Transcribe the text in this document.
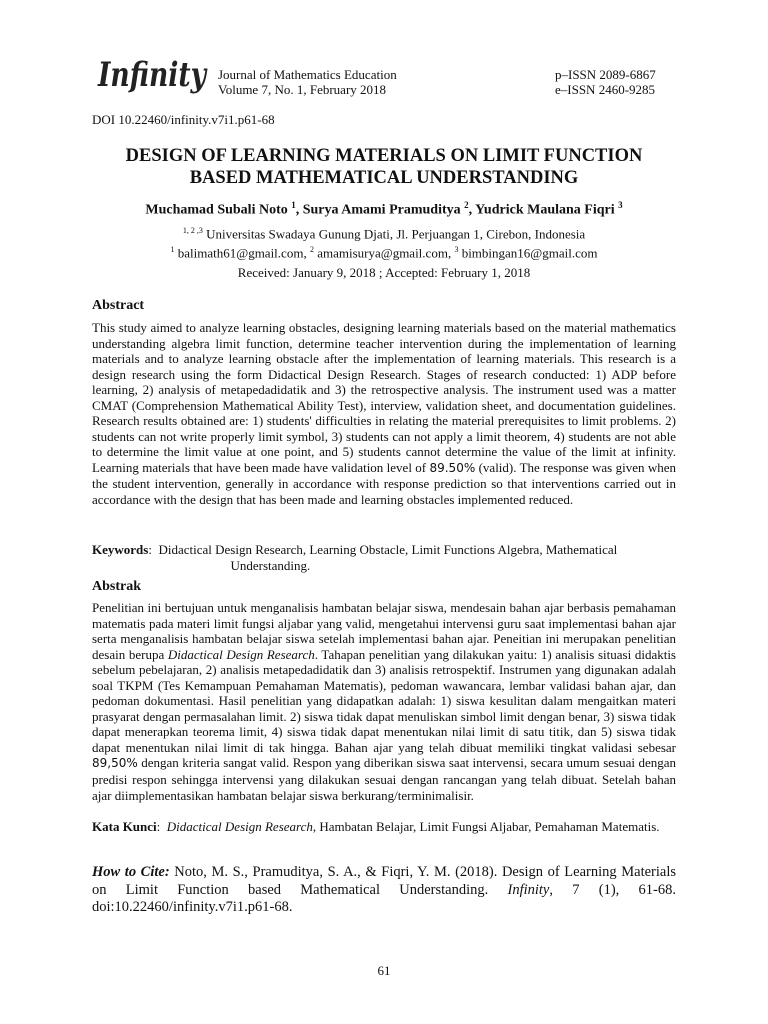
Infinity Journal of Mathematics Education
Volume 7, No. 1, February 2018
p–ISSN 2089-6867
e–ISSN 2460-9285
DOI 10.22460/infinity.v7i1.p61-68
DESIGN OF LEARNING MATERIALS ON LIMIT FUNCTION
BASED MATHEMATICAL UNDERSTANDING
Muchamad Subali Noto $^1$, Surya Amami Pramuditya $^2$, Yudrick Maulana Fiqri $^3$
$^{1, 2 ,3}$ Universitas Swadaya Gunung Djati, Jl. Perjuangan 1, Cirebon, Indonesia
$^1$ balimath61@gmail.com, $^2$ amamisurya@gmail.com, $^3$ bimbingan16@gmail.com
Received: January 9, 2018 ; Accepted: February 1, 2018
Abstract

This study aimed to analyze learning obstacles, designing learning materials based on the material mathematics understanding algebra limit function, determine teacher intervention during the implementation of learning materials and to analyze learning obstacle after the implementation of learning materials. This research is a design research using the form Didactical Design Research. Stages of research conducted: 1) ADP before learning, 2) analysis of metapedadidatik and 3) the retrospective analysis. The instrument used was a matter CMAT (Comprehension Mathematical Ability Test), interview, validation sheet, and documentation guidelines. Research results obtained are: 1) students' difficulties in relating the material prerequisites to limit problems. 2) students can not write properly limit symbol, 3) students can not apply a limit theorem, 4) students are not able to determine the limit value at one point, and 5) students cannot determine the value of the limit at infinity. Learning materials that have been made have validation level of 89.50% (valid). The response was given when the student intervention, generally in accordance with response prediction so that interventions carried out in accordance with the design that has been made and learning obstacles implemented reduced.

Keywords : Didactical Design Research, Learning Obstacle, Limit Functions Algebra, Mathematical Understanding.
Abstrak

Penelitian ini bertujuan untuk menganalisis hambatan belajar siswa, mendesain bahan ajar berbasis pemahaman matematis pada materi limit fungsi aljabar yang valid, mengetahui intervensi guru saat implementasi bahan ajar serta menganalisis hambatan belajar siswa setelah implementasi bahan ajar. Peneitian ini merupakan penelitian desain berupa Didactical Design Research. Tahapan penelitian yang dilakukan yaitu: 1) analisis situasi didaktis sebelum pebelajaran, 2) analisis metapedadidatik dan 3) analisis retrospektif. Instrumen yang digunakan adalah soal TKPM (Tes Kemampuan Pemahaman Matematis), pedoman wawancara, lembar validasi bahan ajar, dan pedoman dokumentasi. Hasil penelitian yang didapatkan adalah: 1) siswa kesulitan dalam mengaitkan materi prasyarat dengan permasalahan limit. 2) siswa tidak dapat menuliskan simbol limit dengan benar, 3) siswa tidak dapat menerapkan teorema limit, 4) siswa tidak dapat menentukan nilai limit di satu titik, dan 5) siswa tidak dapat menentukan nilai limit di tak hingga. Bahan ajar yang telah dibuat memiliki tingkat validasi sebesar 89,50% dengan kriteria sangat valid. Respon yang diberikan siswa saat intervensi, secara umum sesuai dengan predisi respon sehingga intervensi yang dilakukan sesuai dengan rancangan yang telah dibuat. Setelah bahan ajar diimplementasikan hambatan belajar siswa berkurang/terminimalisir.

Kata Kunci : Didactical Design Research, Hambatan Belajar, Limit Fungsi Aljabar, Pemahaman Matematis.

How to Cite: Noto, M. S., Pramuditya, S. A., & Fiqri, Y. M. (2018). Design of Learning Materials on Limit Function based Mathematical Understanding. Infinity, 7 (1), 61-68. doi:10.22460/infinity.v7i1.p61-68.

61
